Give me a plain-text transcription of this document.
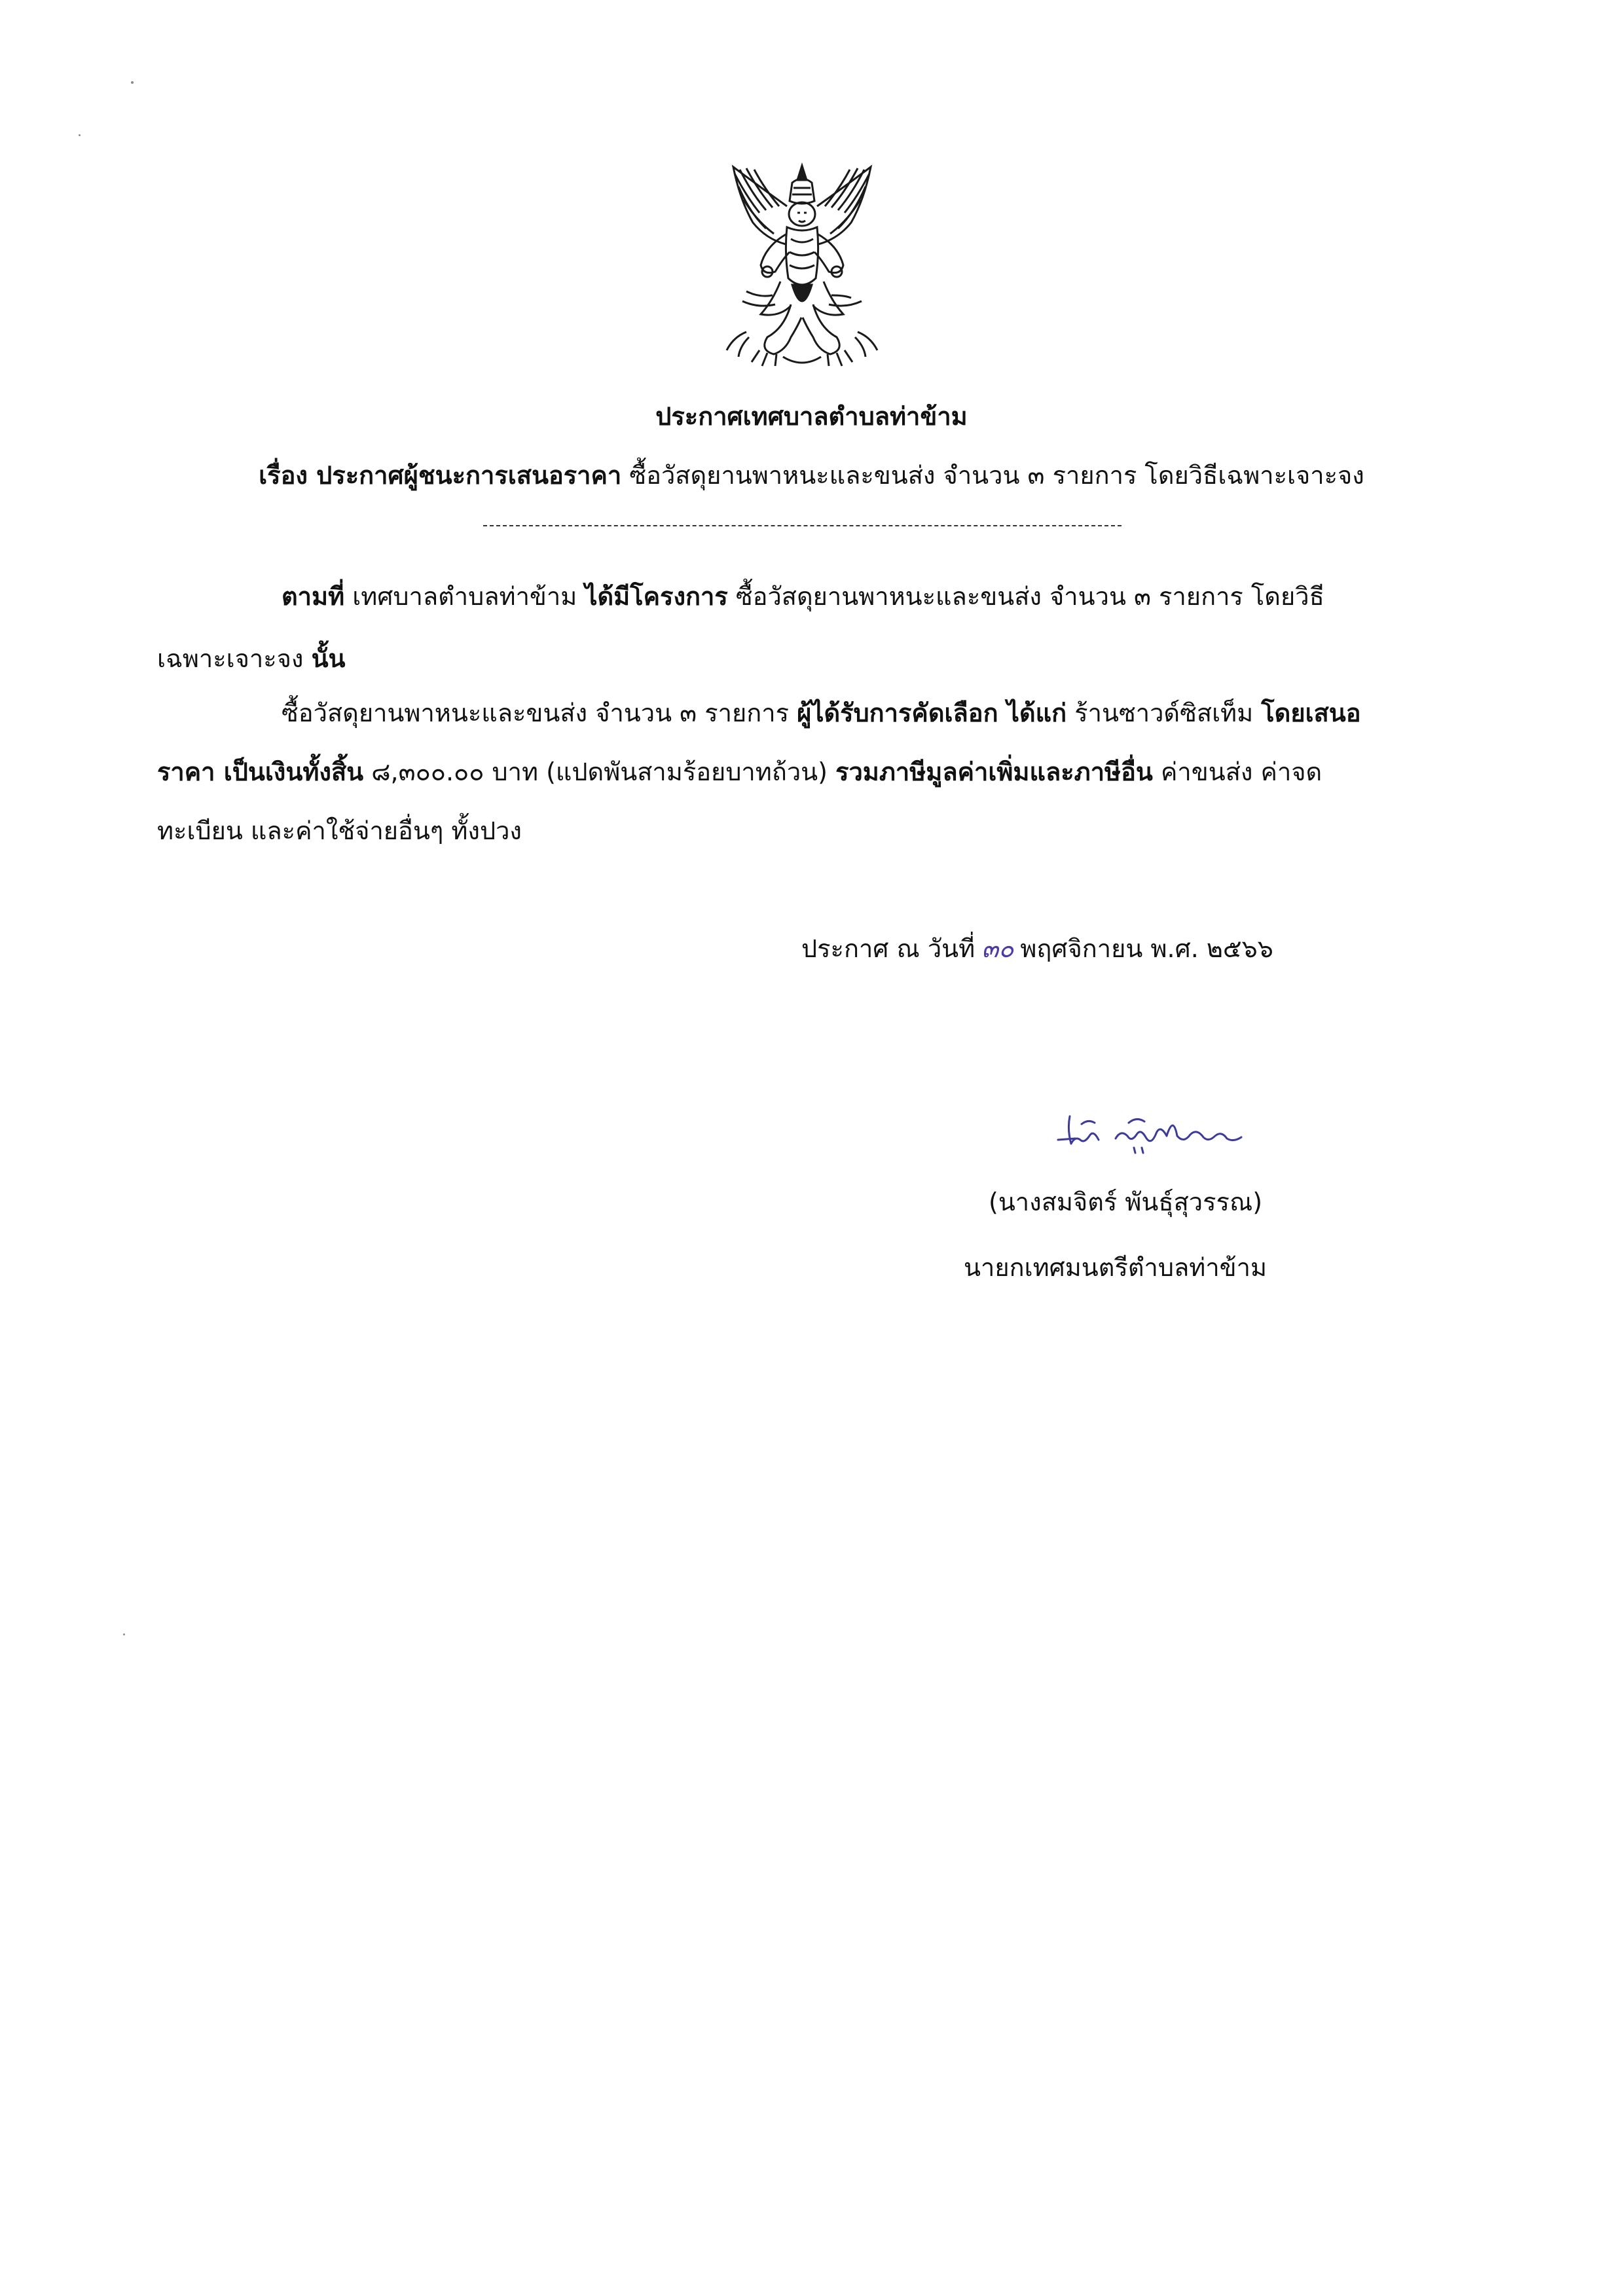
ประกาศเทศบาลตำบลท่าข้าม
เรื่อง ประกาศผู้ชนะการเสนอราคา ซื้อวัสดุยานพาหนะและขนส่ง จำนวน ๓ รายการ โดยวิธีเฉพาะเจาะจง
ตามที่ เทศบาลตำบลท่าข้าม ได้มีโครงการ ซื้อวัสดุยานพาหนะและขนส่ง จำนวน ๓ รายการ โดยวิธี
เฉพาะเจาะจง นั้น
ซื้อวัสดุยานพาหนะและขนส่ง จำนวน ๓ รายการ ผู้ได้รับการคัดเลือก ได้แก่ ร้านซาวด์ซิสเท็ม โดยเสนอ
ราคา เป็นเงินทั้งสิ้น ๘,๓๐๐.๐๐ บาท (แปดพันสามร้อยบาทถ้วน) รวมภาษีมูลค่าเพิ่มและภาษีอื่น ค่าขนส่ง ค่าจด
ทะเบียน และค่าใช้จ่ายอื่นๆ ทั้งปวง
ประกาศ ณ วันที่ ๓๐ พฤศจิกายน พ.ศ. ๒๕๖๖
(นางสมจิตร์ พันธุ์สุวรรณ)
นายกเทศมนตรีตำบลท่าข้าม
